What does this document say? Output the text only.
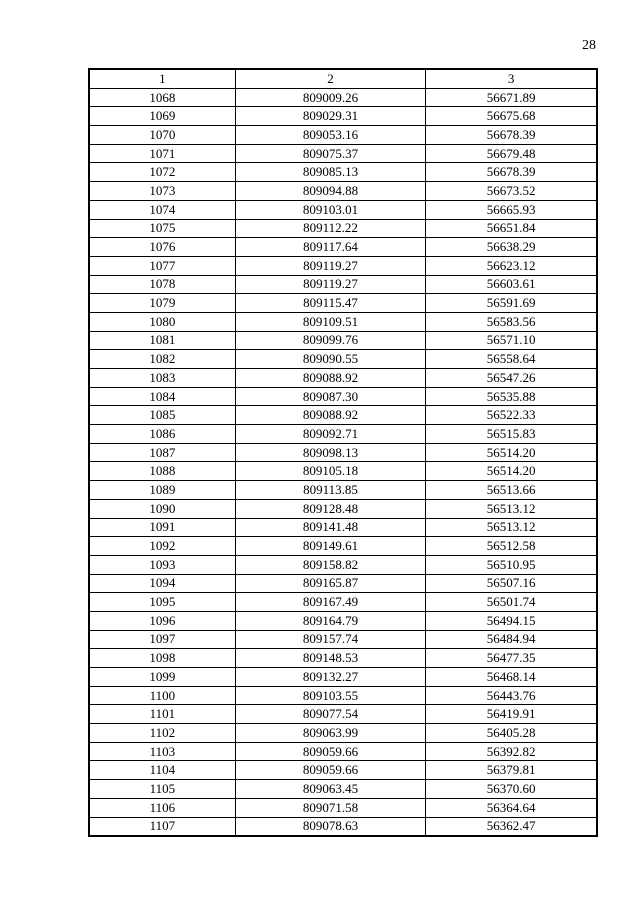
28
1	2	3
1068	809009.26	56671.89
1069	809029.31	56675.68
1070	809053.16	56678.39
1071	809075.37	56679.48
1072	809085.13	56678.39
1073	809094.88	56673.52
1074	809103.01	56665.93
1075	809112.22	56651.84
1076	809117.64	56638.29
1077	809119.27	56623.12
1078	809119.27	56603.61
1079	809115.47	56591.69
1080	809109.51	56583.56
1081	809099.76	56571.10
1082	809090.55	56558.64
1083	809088.92	56547.26
1084	809087.30	56535.88
1085	809088.92	56522.33
1086	809092.71	56515.83
1087	809098.13	56514.20
1088	809105.18	56514.20
1089	809113.85	56513.66
1090	809128.48	56513.12
1091	809141.48	56513.12
1092	809149.61	56512.58
1093	809158.82	56510.95
1094	809165.87	56507.16
1095	809167.49	56501.74
1096	809164.79	56494.15
1097	809157.74	56484.94
1098	809148.53	56477.35
1099	809132.27	56468.14
1100	809103.55	56443.76
1101	809077.54	56419.91
1102	809063.99	56405.28
1103	809059.66	56392.82
1104	809059.66	56379.81
1105	809063.45	56370.60
1106	809071.58	56364.64
1107	809078.63	56362.47
